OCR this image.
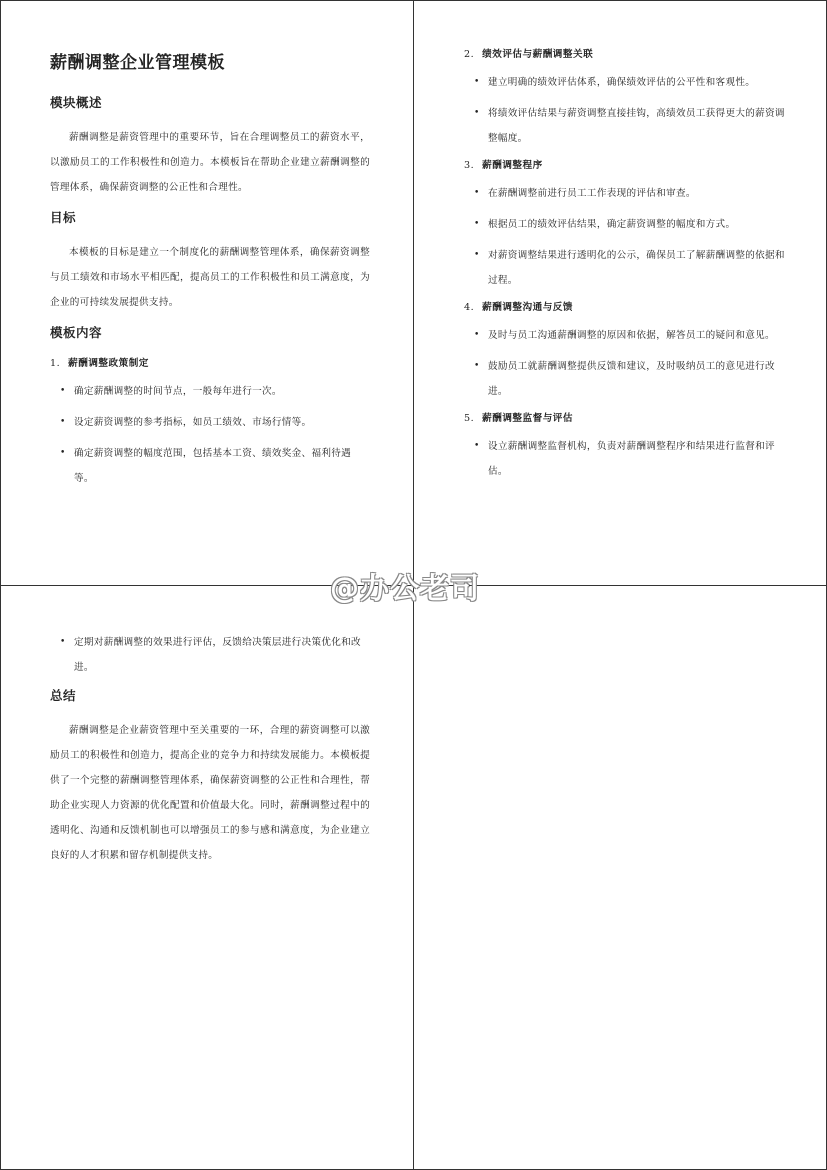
薪酬调整企业管理模板
模块概述

薪酬调整是薪资管理中的重要环节，旨在合理调整员工的薪资水平，以激励员工的工作积极性和创造力。本模板旨在帮助企业建立薪酬调整的管理体系，确保薪资调整的公正性和合理性。

目标

本模板的目标是建立一个制度化的薪酬调整管理体系，确保薪资调整与员工绩效和市场水平相匹配，提高员工的工作积极性和员工满意度，为企业的可持续发展提供支持。

模板内容
1. 薪酬调整政策制定
• 确定薪酬调整的时间节点，一般每年进行一次。
• 设定薪资调整的参考指标，如员工绩效、市场行情等。
• 确定薪资调整的幅度范围，包括基本工资、绩效奖金、福利待遇等。
2. 绩效评估与薪酬调整关联
• 建立明确的绩效评估体系，确保绩效评估的公平性和客观性。
• 将绩效评估结果与薪资调整直接挂钩，高绩效员工获得更大的薪资调整幅度。
3. 薪酬调整程序
• 在薪酬调整前进行员工工作表现的评估和审查。
• 根据员工的绩效评估结果，确定薪资调整的幅度和方式。
• 对薪资调整结果进行透明化的公示，确保员工了解薪酬调整的依据和过程。
4. 薪酬调整沟通与反馈
• 及时与员工沟通薪酬调整的原因和依据，解答员工的疑问和意见。
• 鼓励员工就薪酬调整提供反馈和建议，及时吸纳员工的意见进行改进。
5. 薪酬调整监督与评估
• 设立薪酬调整监督机构，负责对薪酬调整程序和结果进行监督和评估。
• 定期对薪酬调整的效果进行评估，反馈给决策层进行决策优化和改进。
总结

薪酬调整是企业薪资管理中至关重要的一环，合理的薪资调整可以激励员工的积极性和创造力，提高企业的竞争力和持续发展能力。本模板提供了一个完整的薪酬调整管理体系，确保薪资调整的公正性和合理性，帮助企业实现人力资源的优化配置和价值最大化。同时，薪酬调整过程中的透明化、沟通和反馈机制也可以增强员工的参与感和满意度，为企业建立良好的人才积累和留存机制提供支持。

@办公老司
